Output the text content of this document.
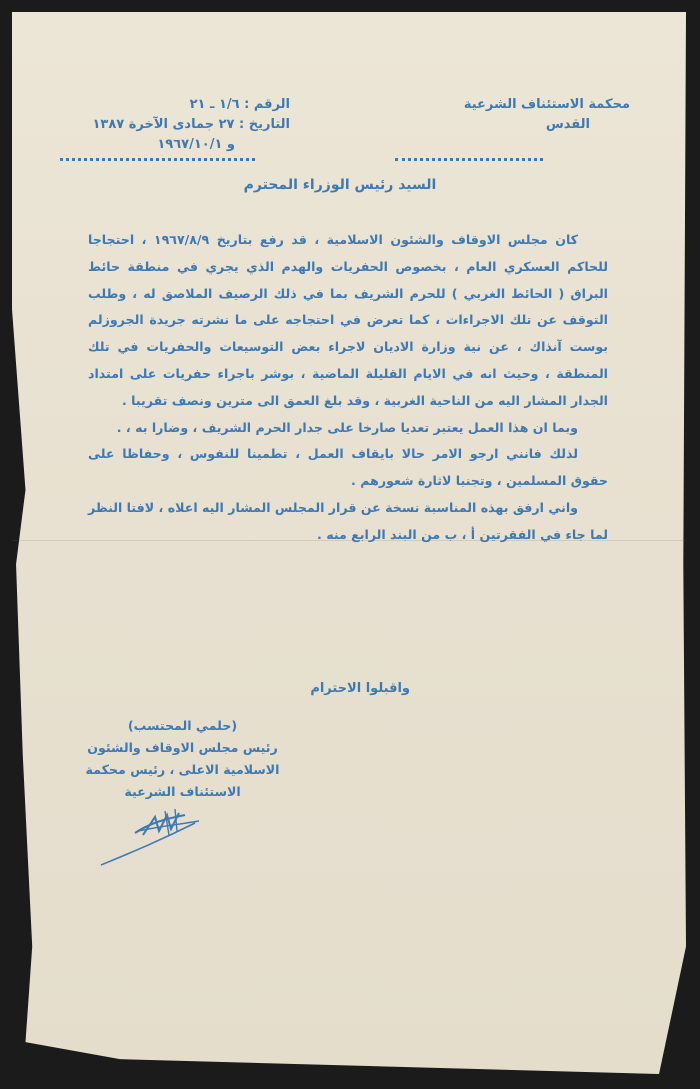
محكمة الاستئناف الشرعية
القدس
الرقم : ١/٦ ـ ٢١
التاريخ : ٢٧ جمادى الآخرة ١٣٨٧
و ١٩٦٧/١٠/١
السيد رئيس الوزراء المحترم

كان مجلس الاوقاف والشئون الاسلامية ، قد رفع بتاريخ ١٩٦٧/٨/٩ ، احتجاجا للحاكم العسكري العام ، بخصوص الحفريات والهدم الذي يجري في منطقة حائط البراق ( الحائط الغربي ) للحرم الشريف بما في ذلك الرصيف الملاصق له ، وطلب التوقف عن تلك الاجراءات ، كما تعرض في احتجاجه على ما نشرته جريدة الجروزلم بوست آنذاك ، عن نية وزارة الاديان لاجراء بعض التوسيعات والحفريات في تلك المنطقة ، وحيث انه في الايام القليلة الماضية ، بوشر باجراء حفريات على امتداد الجدار المشار اليه من الناحية الغربية ، وقد بلغ العمق الى مترين ونصف تقريبا .

وبما ان هذا العمل يعتبر تعديا صارخا على جدار الحرم الشريف ، وضارا به ، .

لذلك فانني ارجو الامر حالا بايقاف العمل ، تطمينا للنفوس ، وحفاظا على حقوق المسلمين ، وتجنبا لاثارة شعورهم .

واني ارفق بهذه المناسبة نسخة عن قرار المجلس المشار اليه اعلاه ، لافتا النظر لما جاء في الفقرتين أ ، ب من البند الرابع منه .

واقبلوا الاحترام
(حلمي المحتسب)
رئيس مجلس الاوقاف والشئون
الاسلامية الاعلى ، رئيس محكمة
الاستئناف الشرعية
